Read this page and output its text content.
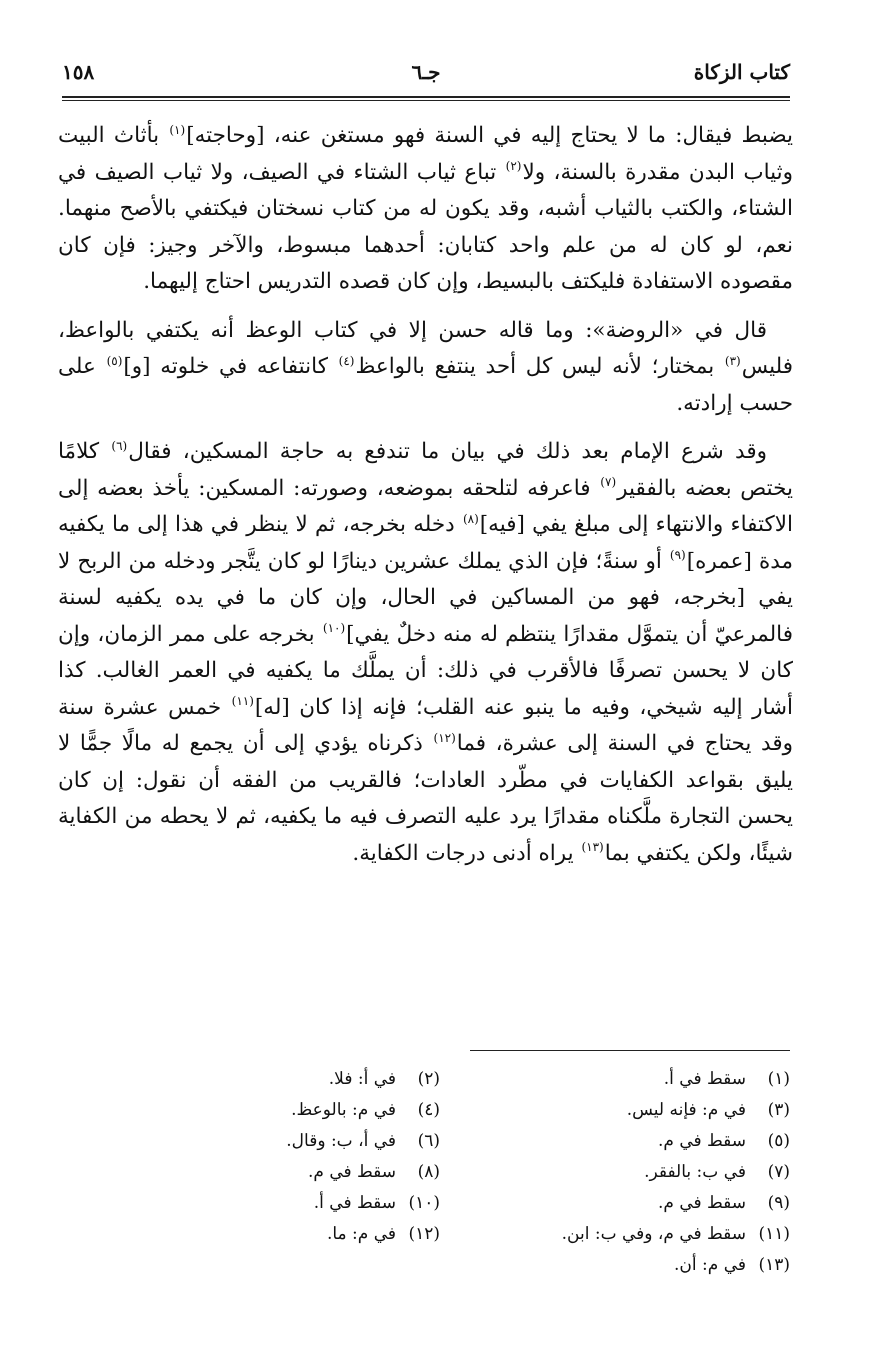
كتاب الزكاة
جـ٦
١٥٨

يضبط فيقال: ما لا يحتاج إليه في السنة فهو مستغن عنه، [وحاجته]$^{(١)}$ بأثاث البيت وثياب البدن مقدرة بالسنة، ولا$^{(٢)}$ تباع ثياب الشتاء في الصيف، ولا ثياب الصيف في الشتاء، والكتب بالثياب أشبه، وقد يكون له من كتاب نسختان فيكتفي بالأصح منهما. نعم، لو كان له من علم واحد كتابان: أحدهما مبسوط، والآخر وجيز: فإن كان مقصوده الاستفادة فليكتف بالبسيط، وإن كان قصده التدريس احتاج إليهما.

قال في «الروضة»: وما قاله حسن إلا في كتاب الوعظ أنه يكتفي بالواعظ، فليس$^{(٣)}$ بمختار؛ لأنه ليس كل أحد ينتفع بالواعظ$^{(٤)}$ كانتفاعه في خلوته [و]$^{(٥)}$ على حسب إرادته.

وقد شرع الإمام بعد ذلك في بيان ما تندفع به حاجة المسكين، فقال$^{(٦)}$ كلامًا يختص بعضه بالفقير$^{(٧)}$ فاعرفه لتلحقه بموضعه، وصورته: المسكين: يأخذ بعضه إلى الاكتفاء والانتهاء إلى مبلغ يفي [فيه]$^{(٨)}$ دخله بخرجه، ثم لا ينظر في هذا إلى ما يكفيه مدة [عمره]$^{(٩)}$ أو سنةً؛ فإن الذي يملك عشرين دينارًا لو كان يتَّجر ودخله من الربح لا يفي [بخرجه، فهو من المساكين في الحال، وإن كان ما في يده يكفيه لسنة فالمرعيّ أن يتموَّل مقدارًا ينتظم له منه دخلٌ يفي]$^{(١٠)}$ بخرجه على ممر الزمان، وإن كان لا يحسن تصرفًا فالأقرب في ذلك: أن يملَّك ما يكفيه في العمر الغالب. كذا أشار إليه شيخي، وفيه ما ينبو عنه القلب؛ فإنه إذا كان [له]$^{(١١)}$ خمس عشرة سنة وقد يحتاج في السنة إلى عشرة، فما$^{(١٢)}$ ذكرناه يؤدي إلى أن يجمع له مالًا جمًّا لا يليق بقواعد الكفايات في مطّرد العادات؛ فالقريب من الفقه أن نقول: إن كان يحسن التجارة ملَّكناه مقدارًا يرد عليه التصرف فيه ما يكفيه، ثم لا يحطه من الكفاية شيئًا، ولكن يكتفي بما$^{(١٣)}$ يراه أدنى درجات الكفاية.

(١)سقط في أ.
(٣)في م: فإنه ليس.
(٥)سقط في م.
(٧)في ب: بالفقر.
(٩)سقط في م.
(١١)سقط في م، وفي ب: ابن.
(١٣)في م: أن.
(٢)في أ: فلا.
(٤)في م: بالوعظ.
(٦)في أ، ب: وقال.
(٨)سقط في م.
(١٠)سقط في أ.
(١٢)في م: ما.
